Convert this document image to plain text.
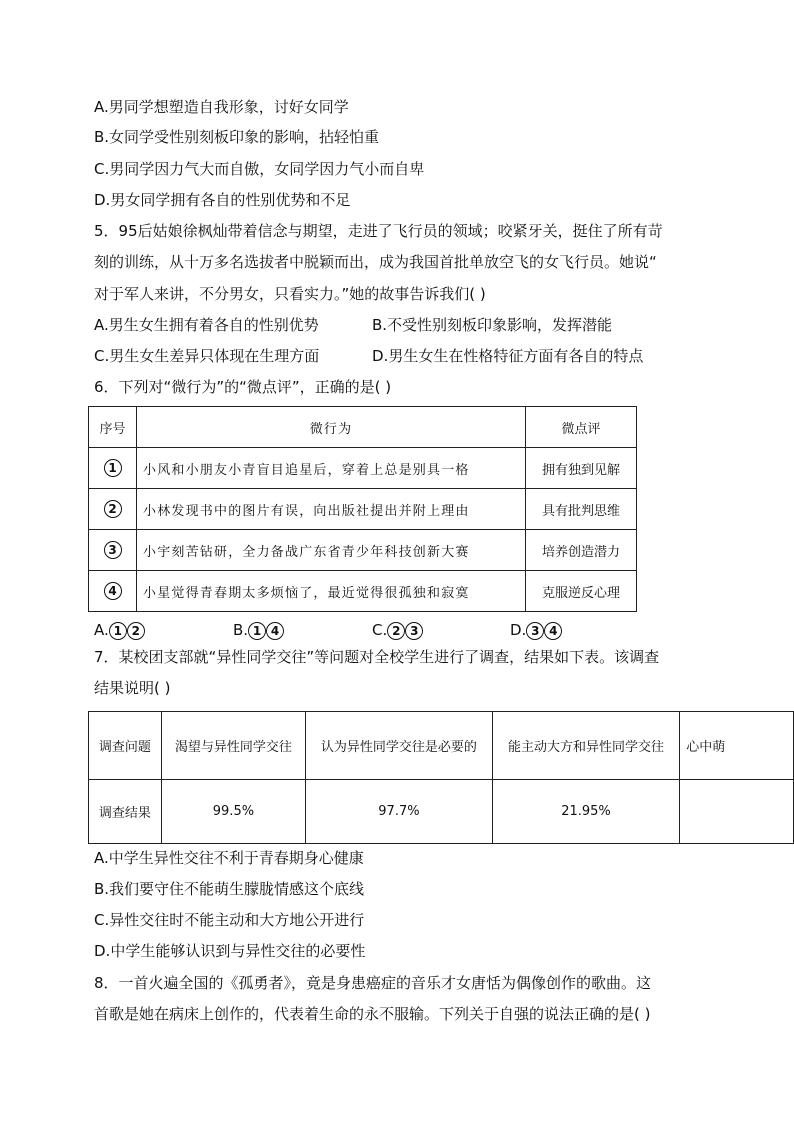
A.男同学想塑造自我形象，讨好女同学
B.女同学受性别刻板印象的影响，拈轻怕重
C.男同学因力气大而自傲，女同学因力气小而自卑
D.男女同学拥有各自的性别优势和不足
5．95后姑娘徐枫灿带着信念与期望，走进了飞行员的领域；咬紧牙关，挺住了所有苛
刻的训练，从十万多名选拔者中脱颖而出，成为我国首批单放空飞的女飞行员。她说“
对于军人来讲，不分男女，只看实力。”她的故事告诉我们( )
A.男生女生拥有着各自的性别优势	B.不受性别刻板印象影响，发挥潜能
C.男生女生差异只体现在生理方面	D.男生女生在性格特征方面有各自的特点
6．下列对“微行为”的“微点评”，正确的是( )
序号	微行为	微点评
1	小风和小朋友小青盲目追星后，穿着上总是别具一格	拥有独到见解
2	小林发现书中的图片有误，向出版社提出并附上理由	具有批判思维
3	小宇刻苦钻研，全力备战广东省青少年科技创新大赛	培养创造潜力
4	小星觉得青春期太多烦恼了，最近觉得很孤独和寂寞	克服逆反心理
A. 1 2	B. 1 4	C. 2 3	D. 3 4
7．某校团支部就“异性同学交往”等问题对全校学生进行了调查，结果如下表。该调查
结果说明( )
调查问题	渴望与异性同学交往	认为异性同学交往是必要的	能主动大方和异性同学交往	心中萌
调查结果	99.5%	97.7%	21.95%	
A.中学生异性交往不利于青春期身心健康
B.我们要守住不能萌生朦胧情感这个底线
C.异性交往时不能主动和大方地公开进行
D.中学生能够认识到与异性交往的必要性
8．一首火遍全国的《孤勇者》，竟是身患癌症的音乐才女唐恬为偶像创作的歌曲。这
首歌是她在病床上创作的，代表着生命的永不服输。下列关于自强的说法正确的是( )
